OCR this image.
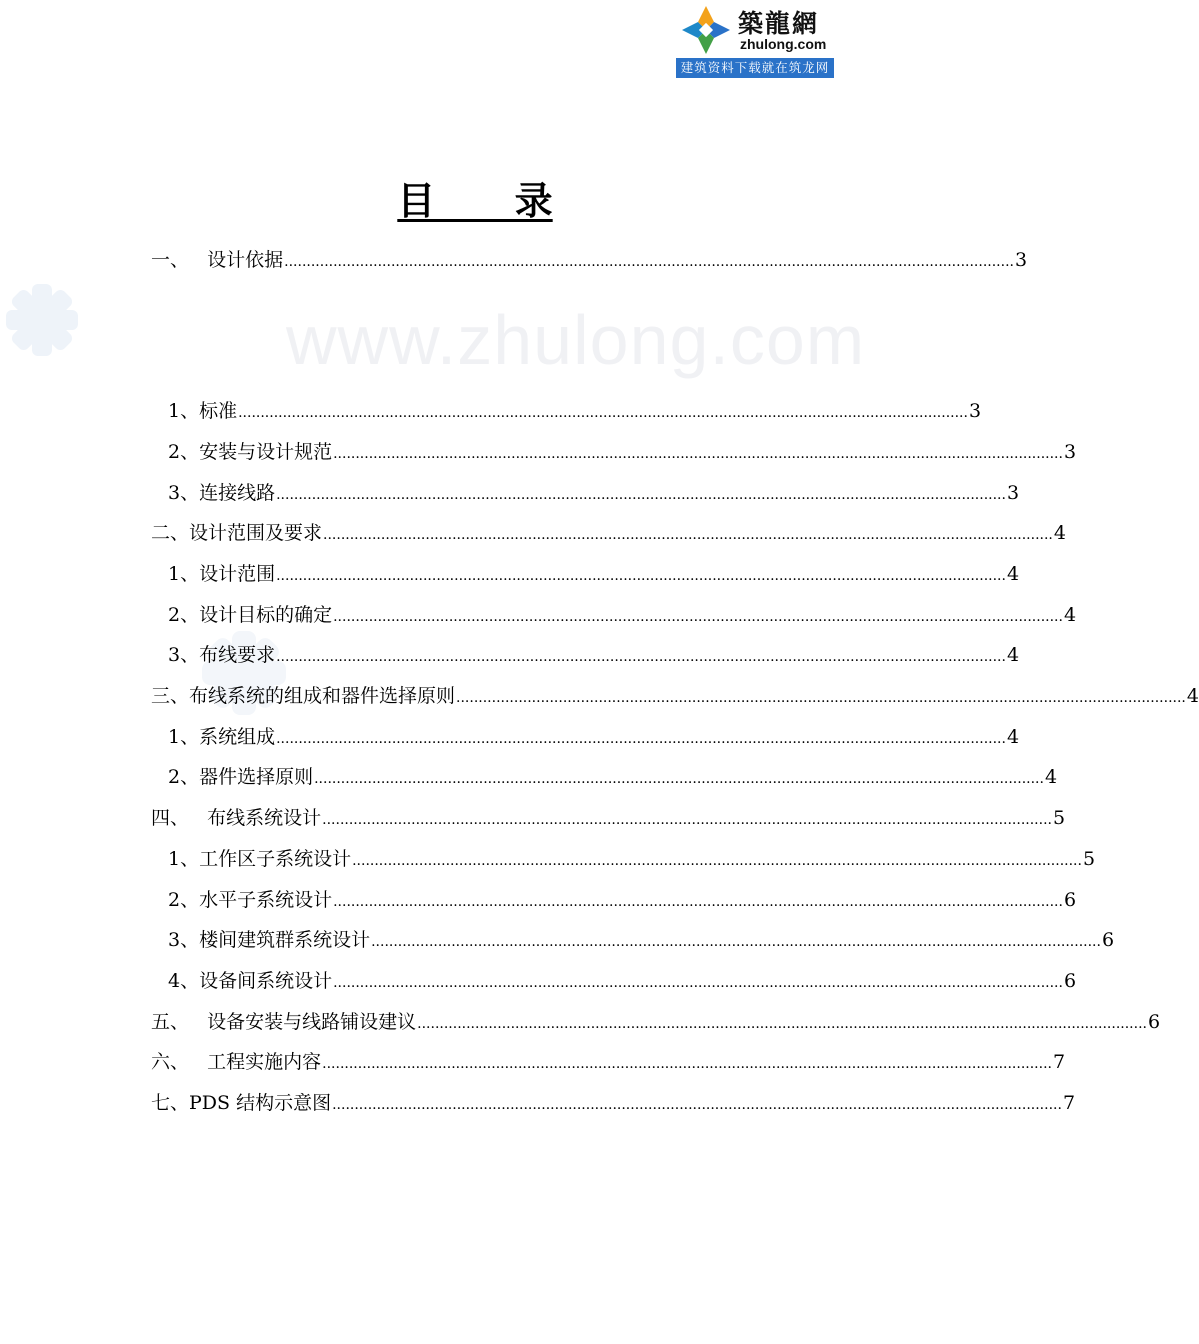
www.zhulong.com
築龍網
zhulong.com
建筑资料下载就在筑龙网
目      录
一、 设计依据 .................................................................................................................................................................... 3
1、 标准 .................................................................................................................................................................... 3
2、 安装与设计规范 .................................................................................................................................................................... 3
3、 连接线路 .................................................................................................................................................................... 3
二、 设计范围及要求 .................................................................................................................................................................... 4
1、 设计范围 .................................................................................................................................................................... 4
2、 设计目标的确定 .................................................................................................................................................................... 4
3、 布线要求 .................................................................................................................................................................... 4
三、 布线系统的组成和器件选择原则 .................................................................................................................................................................... 4
1、 系统组成 .................................................................................................................................................................... 4
2、 器件选择原则 .................................................................................................................................................................... 4
四、 布线系统设计 .................................................................................................................................................................... 5
1、 工作区子系统设计 .................................................................................................................................................................... 5
2、 水平子系统设计 .................................................................................................................................................................... 6
3、 楼间建筑群系统设计 .................................................................................................................................................................... 6
4、 设备间系统设计 .................................................................................................................................................................... 6
五、 设备安装与线路铺设建议 .................................................................................................................................................................... 6
六、 工程实施内容 .................................................................................................................................................................... 7
七、 PDS 结构示意图 .................................................................................................................................................................... 7
